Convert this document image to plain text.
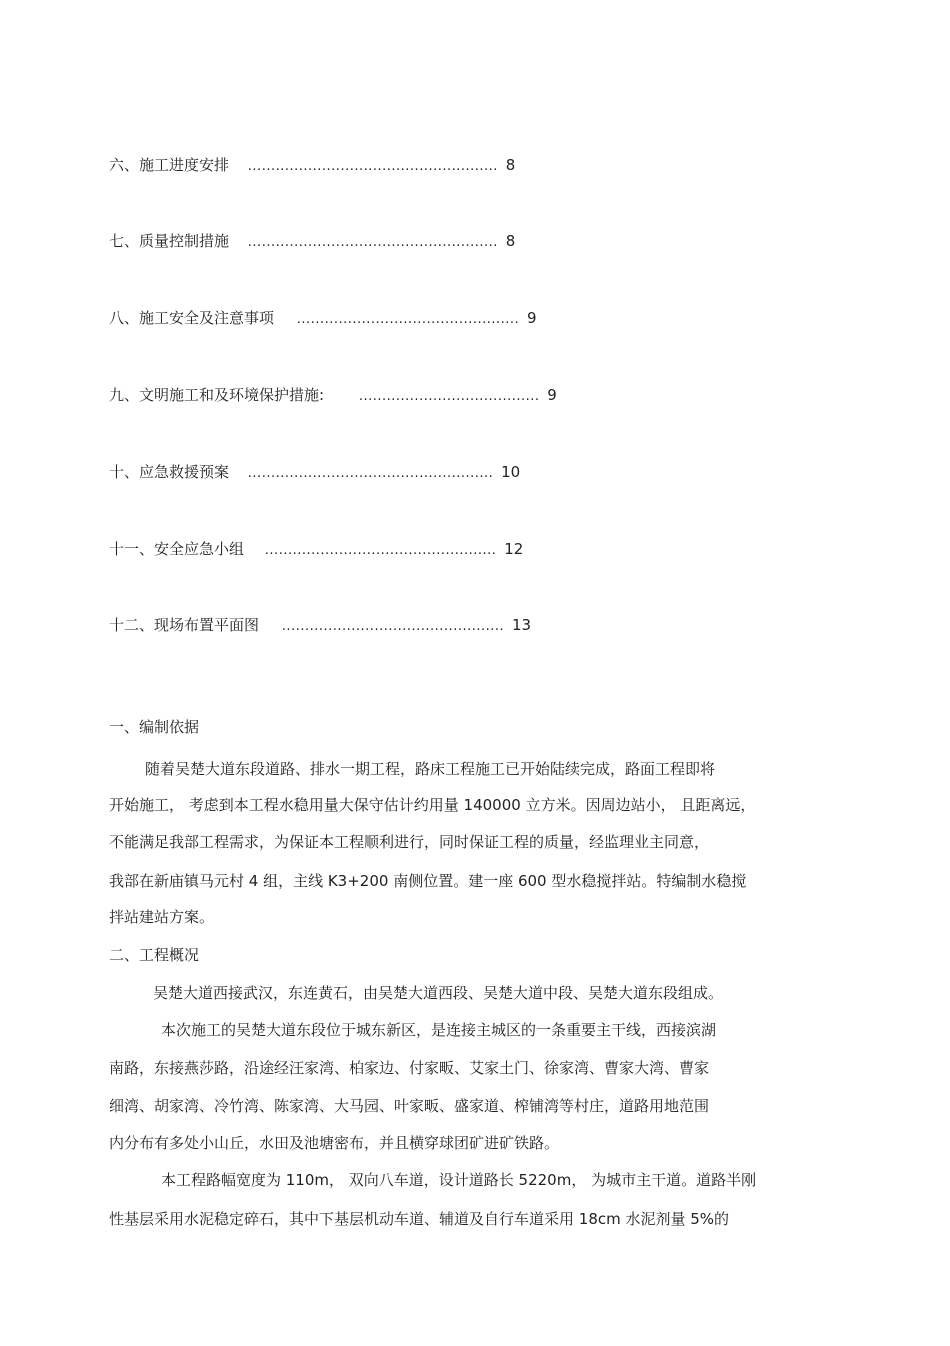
六、施工进度安排 ...................................................... 8
七、质量控制措施 ...................................................... 8
八、施工安全及注意事项 ................................................ 9
九、文明施工和及环境保护措施:	....................................... 9
十、应急救援预案 ..................................................... 10
十一、安全应急小组 .................................................. 12
十二、现场布置平面图 ................................................ 13
一、编制依据
随着吴楚大道东段道路、排水一期工程，路床工程施工已开始陆续完成，路面工程即将
开始施工， 考虑到本工程水稳用量大保守估计约用量 140000 立方米。因周边站小， 且距离远，
不能满足我部工程需求，为保证本工程顺利进行，同时保证工程的质量，经监理业主同意，
我部在新庙镇马元村 4 组，主线 K3+200 南侧位置。建一座 600 型水稳搅拌站。特编制水稳搅
拌站建站方案。
二、工程概况
吴楚大道西接武汉，东连黄石，由吴楚大道西段、吴楚大道中段、吴楚大道东段组成。
本次施工的吴楚大道东段位于城东新区，是连接主城区的一条重要主干线，西接滨湖
南路，东接燕莎路，沿途经汪家湾、柏家边、付家畈、艾家土门、徐家湾、曹家大湾、曹家
细湾、胡家湾、冷竹湾、陈家湾、大马园、叶家畈、盛家道、榨铺湾等村庄，道路用地范围
内分布有多处小山丘，水田及池塘密布，并且横穿球团矿进矿铁路。
本工程路幅宽度为 110m， 双向八车道，设计道路长 5220m， 为城市主干道。道路半刚
性基层采用水泥稳定碎石，其中下基层机动车道、辅道及自行车道采用 18cm 水泥剂量 5%的
